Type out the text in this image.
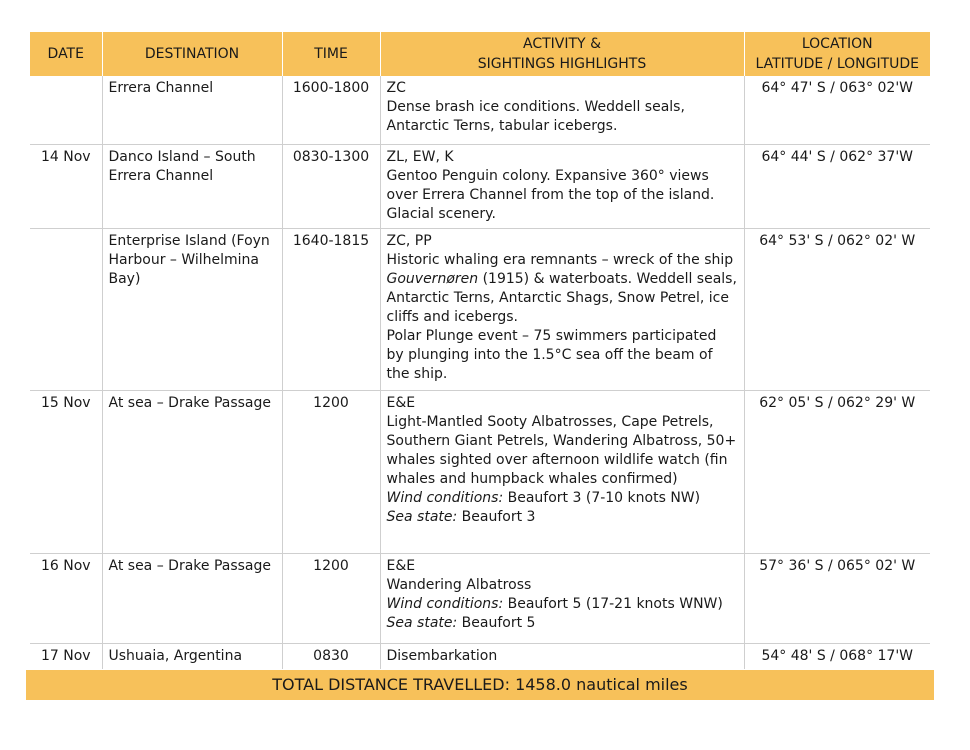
DATE	DESTINATION	TIME	ACTIVITY &
SIGHTINGS HIGHLIGHTS	LOCATION
LATITUDE / LONGITUDE

	Errera Channel	1600-1800	ZC
Dense brash ice conditions. Weddell seals, Antarctic Terns, tabular icebergs.	64° 47' S / 063° 02'W
14 Nov	Danco Island – South Errera Channel	0830-1300	ZL, EW, K
Gentoo Penguin colony. Expansive 360° views over Errera Channel from the top of the island. Glacial scenery.	64° 44' S / 062° 37'W
	Enterprise Island (Foyn Harbour – Wilhelmina Bay)	1640-1815	ZC, PP
Historic whaling era remnants – wreck of the ship Gouvernøren (1915) & waterboats. Weddell seals, Antarctic Terns, Antarctic Shags, Snow Petrel, ice cliffs and icebergs.
Polar Plunge event – 75 swimmers participated by plunging into the 1.5°C sea off the beam of the ship.	64° 53' S / 062° 02' W
15 Nov	At sea – Drake Passage	1200	E&E
Light-Mantled Sooty Albatrosses, Cape Petrels, Southern Giant Petrels, Wandering Albatross, 50+ whales sighted over afternoon wildlife watch (fin whales and humpback whales confirmed)
Wind conditions: Beaufort 3 (7-10 knots NW)
Sea state: Beaufort 3	62° 05' S / 062° 29' W
16 Nov	At sea – Drake Passage	1200	E&E
Wandering Albatross
Wind conditions: Beaufort 5 (17-21 knots WNW)
Sea state: Beaufort 5	57° 36' S / 065° 02' W
17 Nov	Ushuaia, Argentina	0830	Disembarkation	54° 48' S / 068° 17'W
TOTAL DISTANCE TRAVELLED: 1458.0 nautical miles
